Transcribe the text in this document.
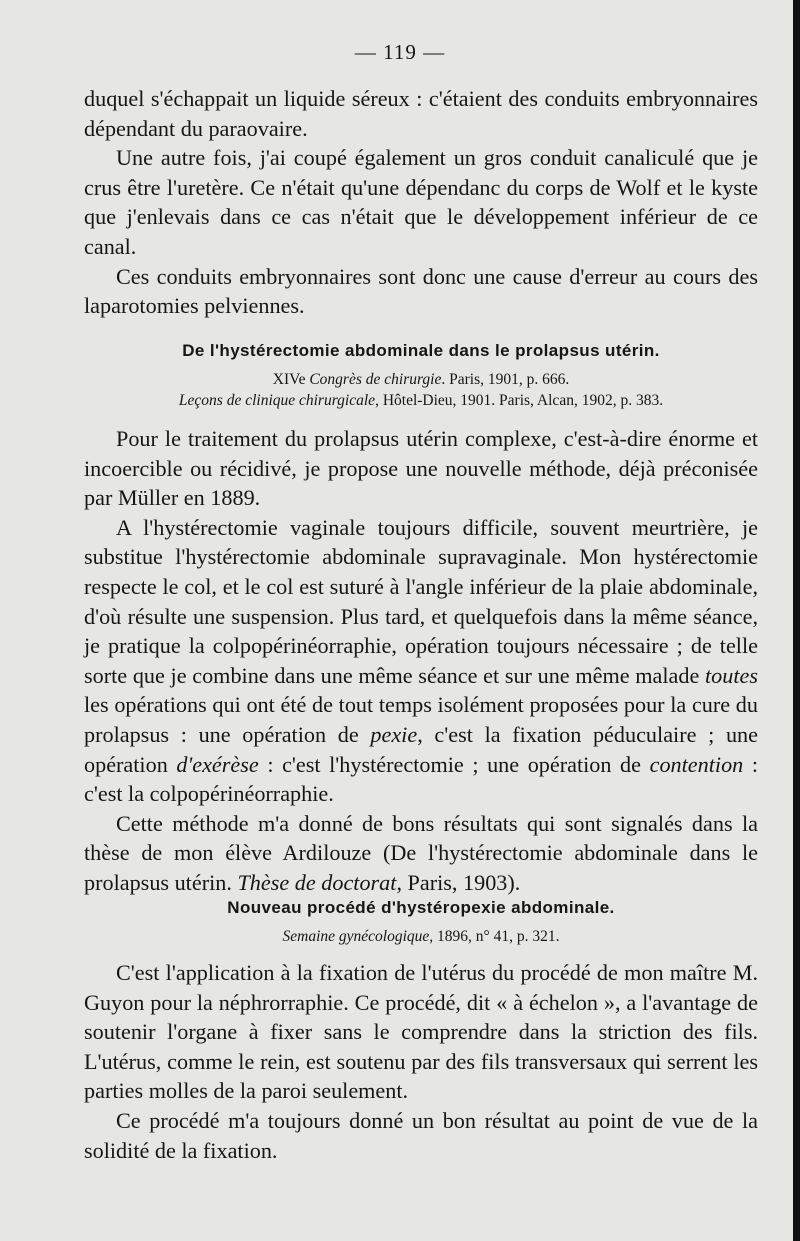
— 119 —

duquel s'échappait un liquide séreux : c'étaient des conduits embryonnaires dépendant du paraovaire.

Une autre fois, j'ai coupé également un gros conduit canaliculé que je crus être l'uretère. Ce n'était qu'une dépendanc du corps de Wolf et le kyste que j'enlevais dans ce cas n'était que le développement inférieur de ce canal.

Ces conduits embryonnaires sont donc une cause d'erreur au cours des laparotomies pelviennes.

De l'hystérectomie abdominale dans le prolapsus utérin.
XIVe Congrès de chirurgie. Paris, 1901, p. 666.
Leçons de clinique chirurgicale, Hôtel-Dieu, 1901. Paris, Alcan, 1902, p. 383.

Pour le traitement du prolapsus utérin complexe, c'est-à-dire énorme et incoercible ou récidivé, je propose une nouvelle méthode, déjà préconisée par Müller en 1889.

A l'hystérectomie vaginale toujours difficile, souvent meurtrière, je substitue l'hystérectomie abdominale supravaginale. Mon hystérectomie respecte le col, et le col est suturé à l'angle inférieur de la plaie abdominale, d'où résulte une suspension. Plus tard, et quelquefois dans la même séance, je pratique la colpopérinéorraphie, opération toujours nécessaire ; de telle sorte que je combine dans une même séance et sur une même malade toutes les opérations qui ont été de tout temps isolément proposées pour la cure du prolapsus : une opération de pexie, c'est la fixation péduculaire ; une opération d'exérèse : c'est l'hystérectomie ; une opération de contention : c'est la colpopérinéorraphie.

Cette méthode m'a donné de bons résultats qui sont signalés dans la thèse de mon élève Ardilouze (De l'hystérectomie abdominale dans le prolapsus utérin. Thèse de doctorat, Paris, 1903).

Nouveau procédé d'hystéropexie abdominale.
Semaine gynécologique, 1896, n° 41, p. 321.

C'est l'application à la fixation de l'utérus du procédé de mon maître M. Guyon pour la néphrorraphie. Ce procédé, dit « à échelon », a l'avantage de soutenir l'organe à fixer sans le comprendre dans la striction des fils. L'utérus, comme le rein, est soutenu par des fils transversaux qui serrent les parties molles de la paroi seulement.

Ce procédé m'a toujours donné un bon résultat au point de vue de la solidité de la fixation.
